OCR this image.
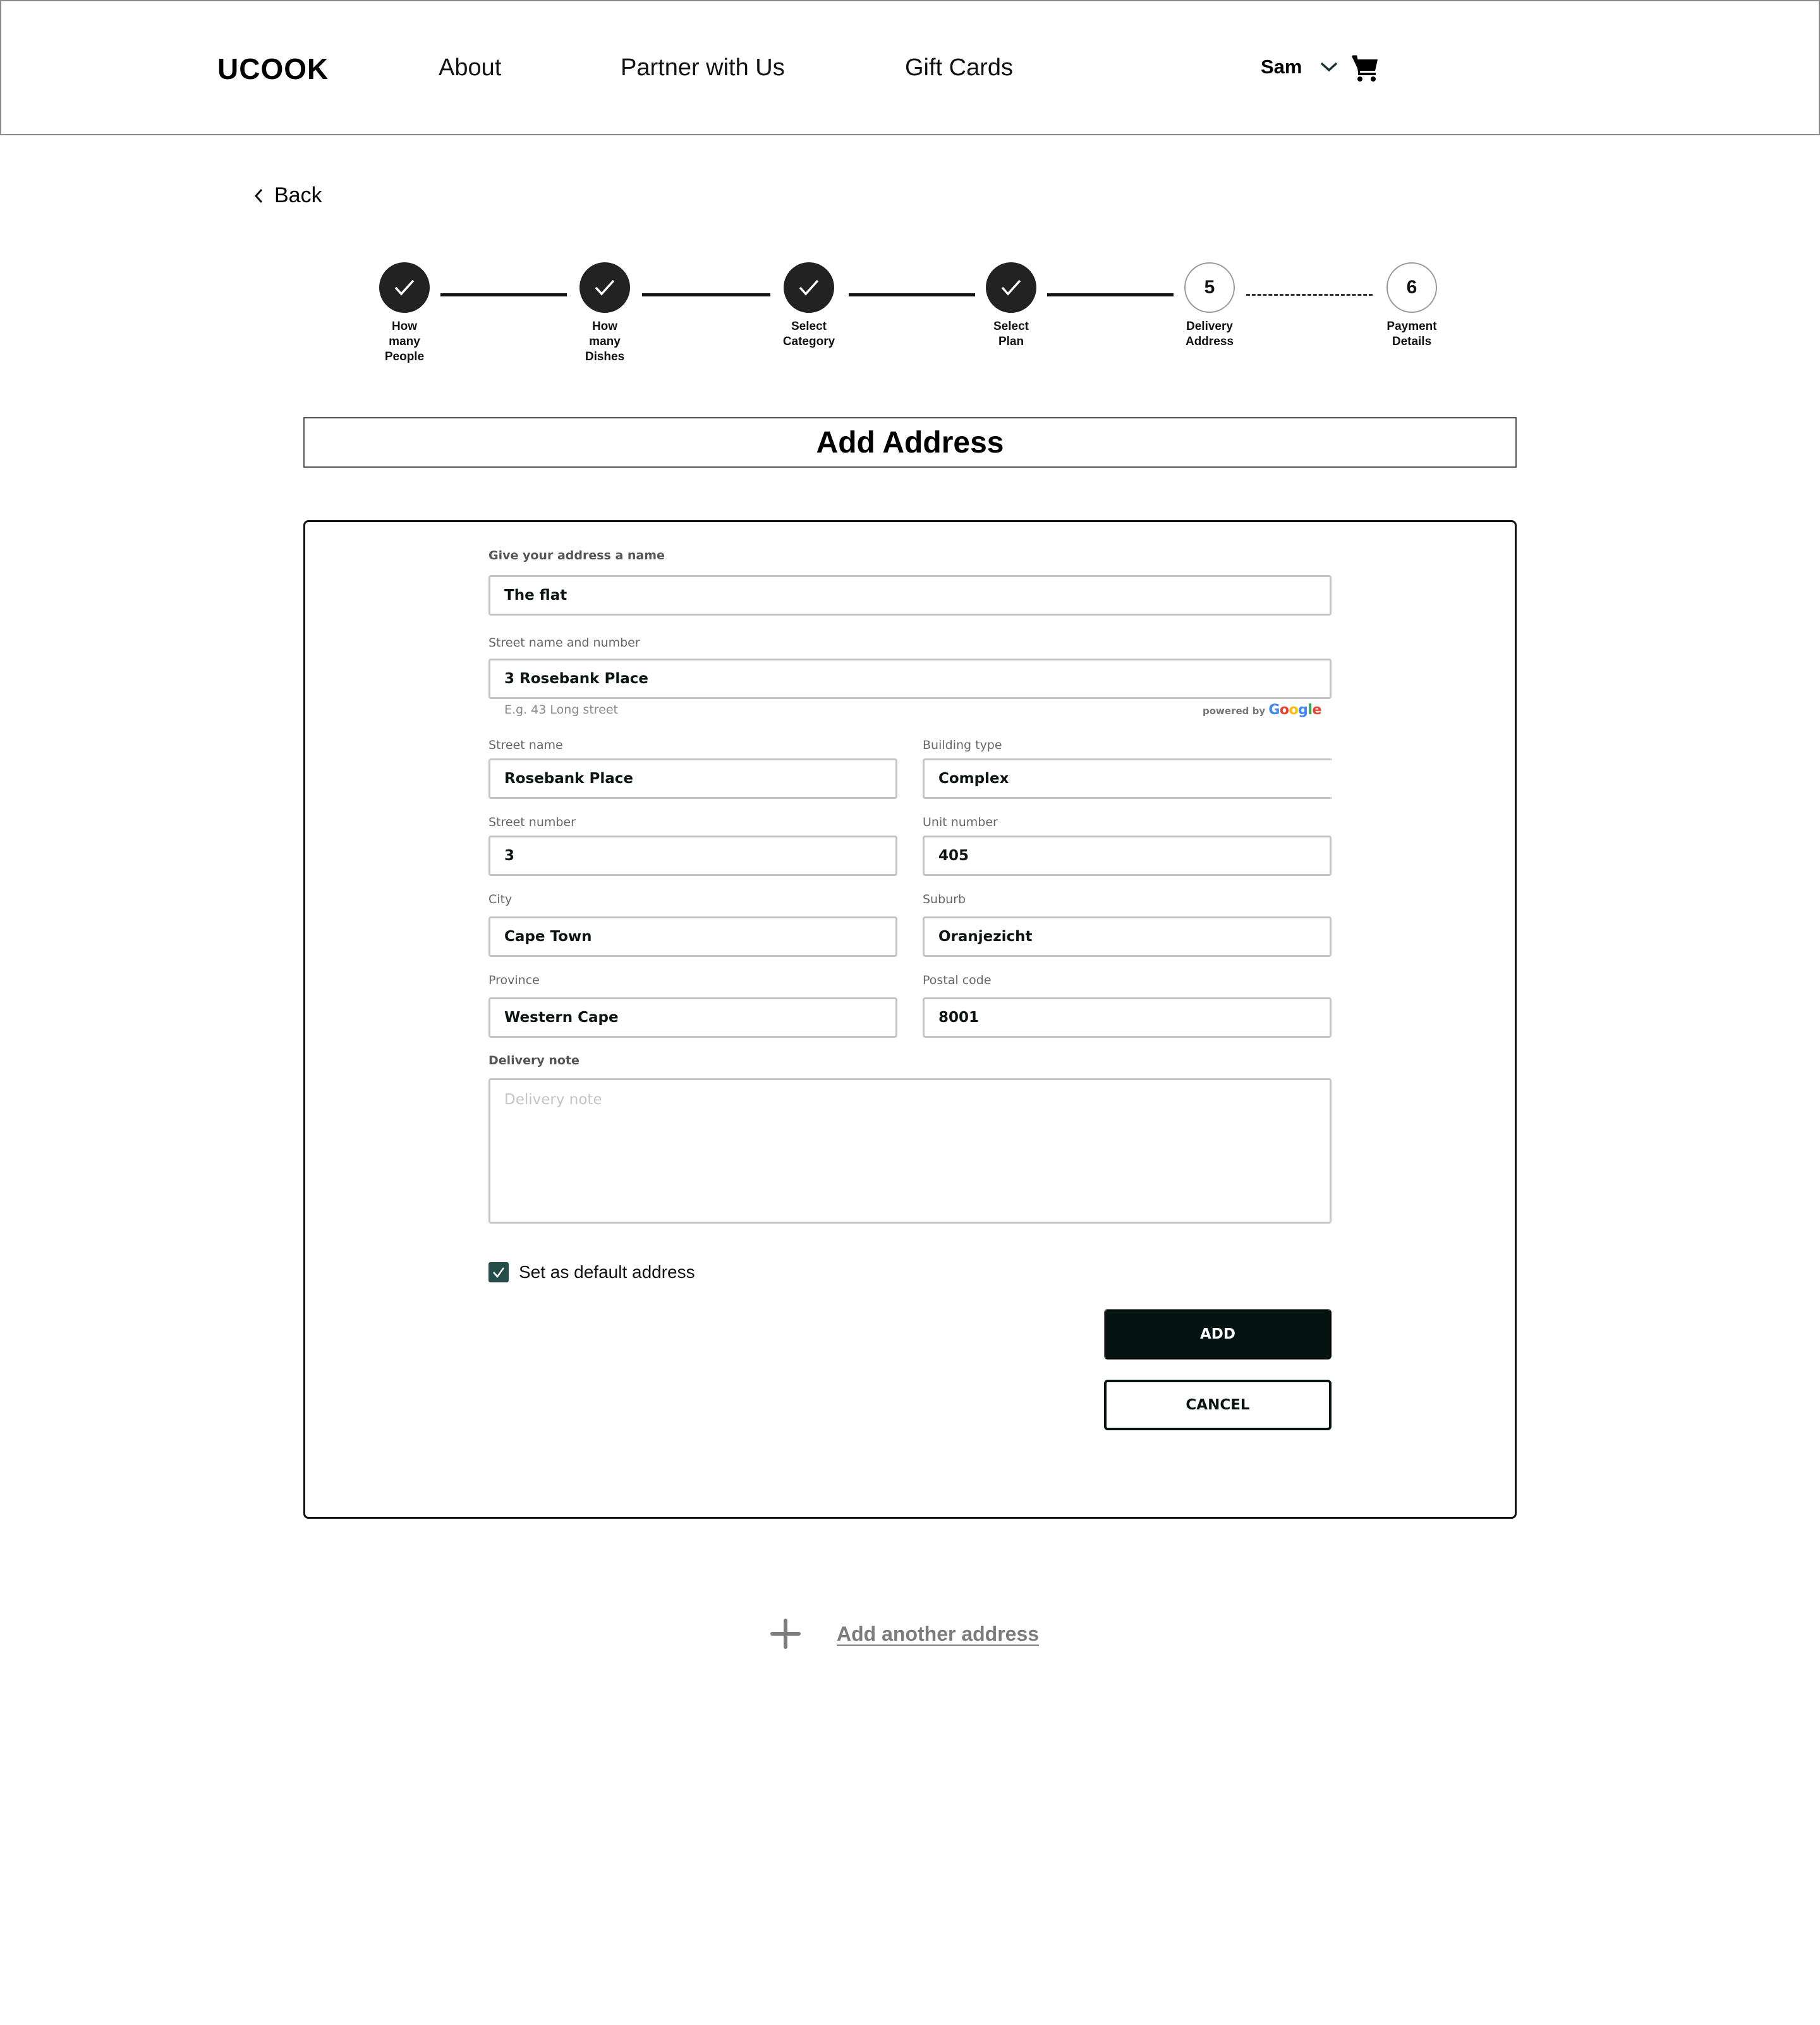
UCOOK	About	Partner with Us	Gift Cards	Sam
Back
How
many
People
How
many
Dishes
Select
Category
Select
Plan
5
Delivery
Address
6
Payment
Details
Add Address
Give your address a name
The flat
Street name and number
3 Rosebank Place
E.g. 43 Long street	powered by Google
Street name
Rosebank Place
Building type
Complex
Street number
3
Unit number
405
City
Cape Town
Suburb
Oranjezicht
Province
Western Cape
Postal code
8001
Delivery note
Delivery note
Set as default address
ADD
CANCEL
Add another address
